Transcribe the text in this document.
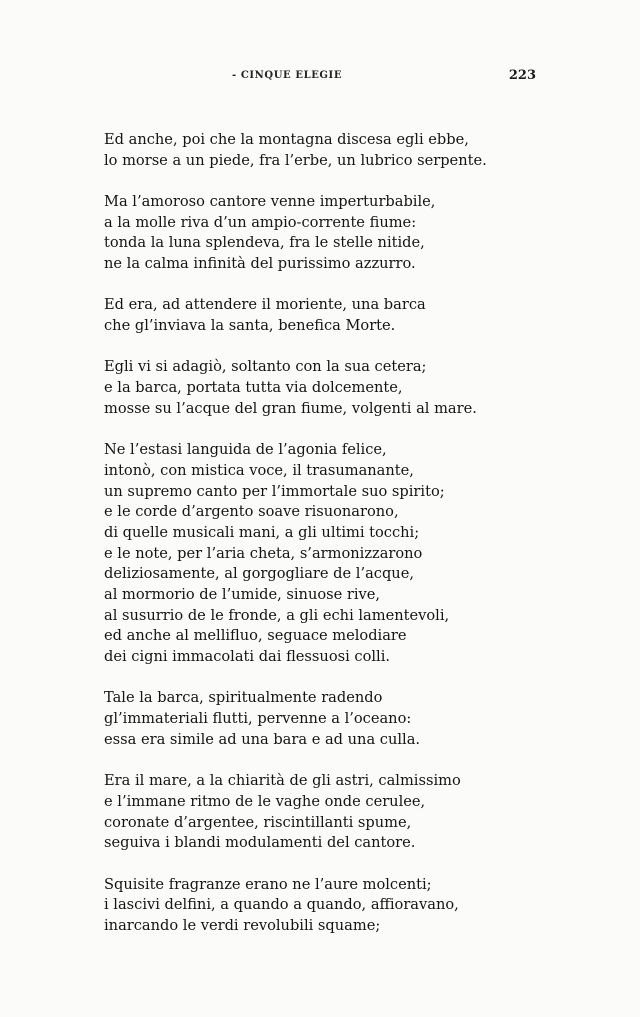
- CINQUE ELEGIE	223
Ed anche, poi che la montagna discesa egli ebbe,
lo morse a un piede, fra l’erbe, un lubrico serpente.
Ma l’amoroso cantore venne imperturbabile,
a la molle riva d’un ampio-corrente fiume:
tonda la luna splendeva, fra le stelle nitide,
ne la calma infinità del purissimo azzurro.
Ed era, ad attendere il moriente, una barca
che gl’inviava la santa, benefica Morte.
Egli vi si adagiò, soltanto con la sua cetera;
e la barca, portata tutta via dolcemente,
mosse su l’acque del gran fiume, volgenti al mare.
Ne l’estasi languida de l’agonia felice,
intonò, con mistica voce, il trasumanante,
un supremo canto per l’immortale suo spirito;
e le corde d’argento soave risuonarono,
di quelle musicali mani, a gli ultimi tocchi;
e le note, per l’aria cheta, s’armonizzarono
deliziosamente, al gorgogliare de l’acque,
al mormorio de l’umide, sinuose rive,
al susurrio de le fronde, a gli echi lamentevoli,
ed anche al mellifluo, seguace melodiare
dei cigni immacolati dai flessuosi colli.
Tale la barca, spiritualmente radendo
gl’immateriali flutti, pervenne a l’oceano:
essa era simile ad una bara e ad una culla.
Era il mare, a la chiarità de gli astri, calmissimo
e l’immane ritmo de le vaghe onde cerulee,
coronate d’argentee, riscintillanti spume,
seguiva i blandi modulamenti del cantore.
Squisite fragranze erano ne l’aure molcenti;
i lascivi delfini, a quando a quando, affioravano,
inarcando le verdi revolubili squame;
